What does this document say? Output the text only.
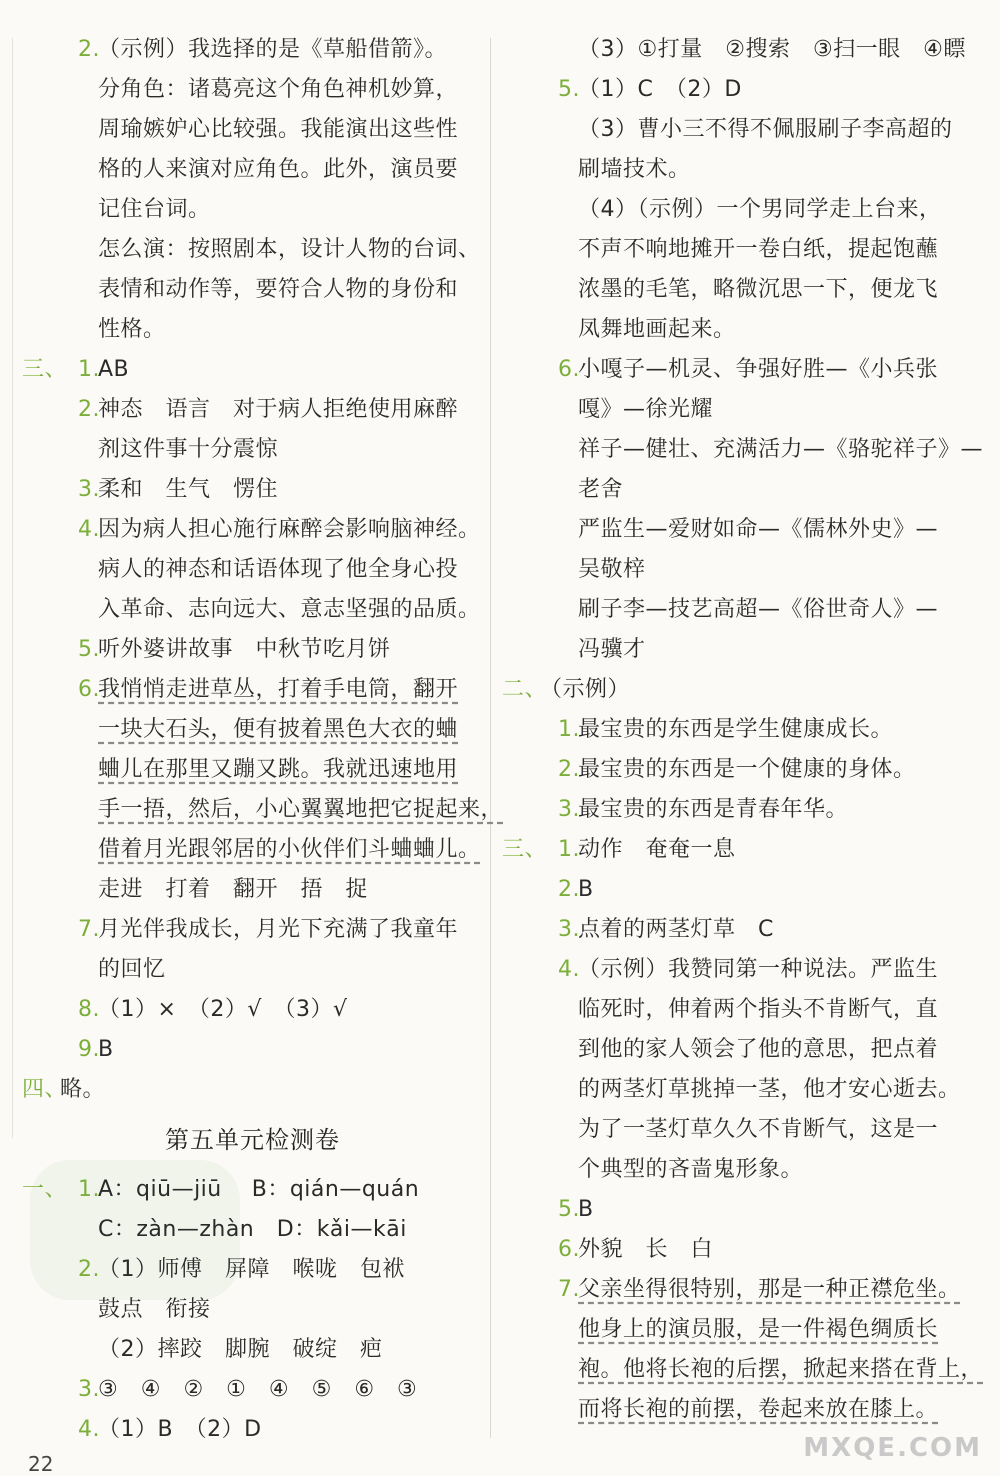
2.
（示例）我选择的是《草船借箭》。
分角色：诸葛亮这个角色神机妙算，
周瑜嫉妒心比较强。我能演出这些性
格的人来演对应角色。此外，演员要
记住台词。
怎么演：按照剧本，设计人物的台词、
表情和动作等，要符合人物的身份和
性格。
三、 1.
AB
2.
神态　语言　对于病人拒绝使用麻醉
剂这件事十分震惊
3.
柔和　生气　愣住
4.
因为病人担心施行麻醉会影响脑神经。
病人的神态和话语体现了他全身心投
入革命、志向远大、意志坚强的品质。
5.
听外婆讲故事　中秋节吃月饼
6.
我悄悄走进草丛，打着手电筒，翻开
一块大石头，便有披着黑色大衣的蛐
蛐儿在那里又蹦又跳。我就迅速地用
手一捂，然后，小心翼翼地把它捉起来，
借着月光跟邻居的小伙伴们斗蛐蛐儿。
走进　打着　翻开　捂　捉
7.
月光伴我成长，月光下充满了我童年
的回忆
8.
（1）×　（2）√　（3）√
9.
B
四、
略。
一、 1.
A：qiū—jiū　 B：qián—quán
C：zàn—zhàn　D：kǎi—kāi
2.
（1）师傅　屏障　喉咙　包袱
鼓点　衔接
（2）摔跤　脚腕　破绽　疤
3.
③　④　②　①　④　⑤　⑥　③
4.
（1）B　（2）D
（3）①打量　②搜索　③扫一眼　④瞟
5.
（1）C　（2）D
（3）曹小三不得不佩服刷子李高超的
刷墙技术。
（4）（示例）一个男同学走上台来，
不声不响地摊开一卷白纸，提起饱蘸
浓墨的毛笔，略微沉思一下，便龙飞
凤舞地画起来。
6.
小嘎子—机灵、争强好胜—《小兵张
嘎》—徐光耀
祥子—健壮、充满活力—《骆驼祥子》—
老舍
严监生—爱财如命—《儒林外史》—
吴敬梓
刷子李—技艺高超—《俗世奇人》—
冯骥才
二、
（示例）
1.
最宝贵的东西是学生健康成长。
2.
最宝贵的东西是一个健康的身体。
3.
最宝贵的东西是青春年华。
三、 1.
动作　奄奄一息
2.
B
3.
点着的两茎灯草　C
4.
（示例）我赞同第一种说法。严监生
临死时，伸着两个指头不肯断气，直
到他的家人领会了他的意思，把点着
的两茎灯草挑掉一茎，他才安心逝去。
为了一茎灯草久久不肯断气，这是一
个典型的吝啬鬼形象。
5.
B
6.
外貌　长　白
7.
父亲坐得很特别，那是一种正襟危坐。
他身上的演员服，是一件褐色绸质长
袍。他将长袍的后摆，掀起来搭在背上，
而将长袍的前摆，卷起来放在膝上。
第五单元检测卷
22
MXQE.COM
